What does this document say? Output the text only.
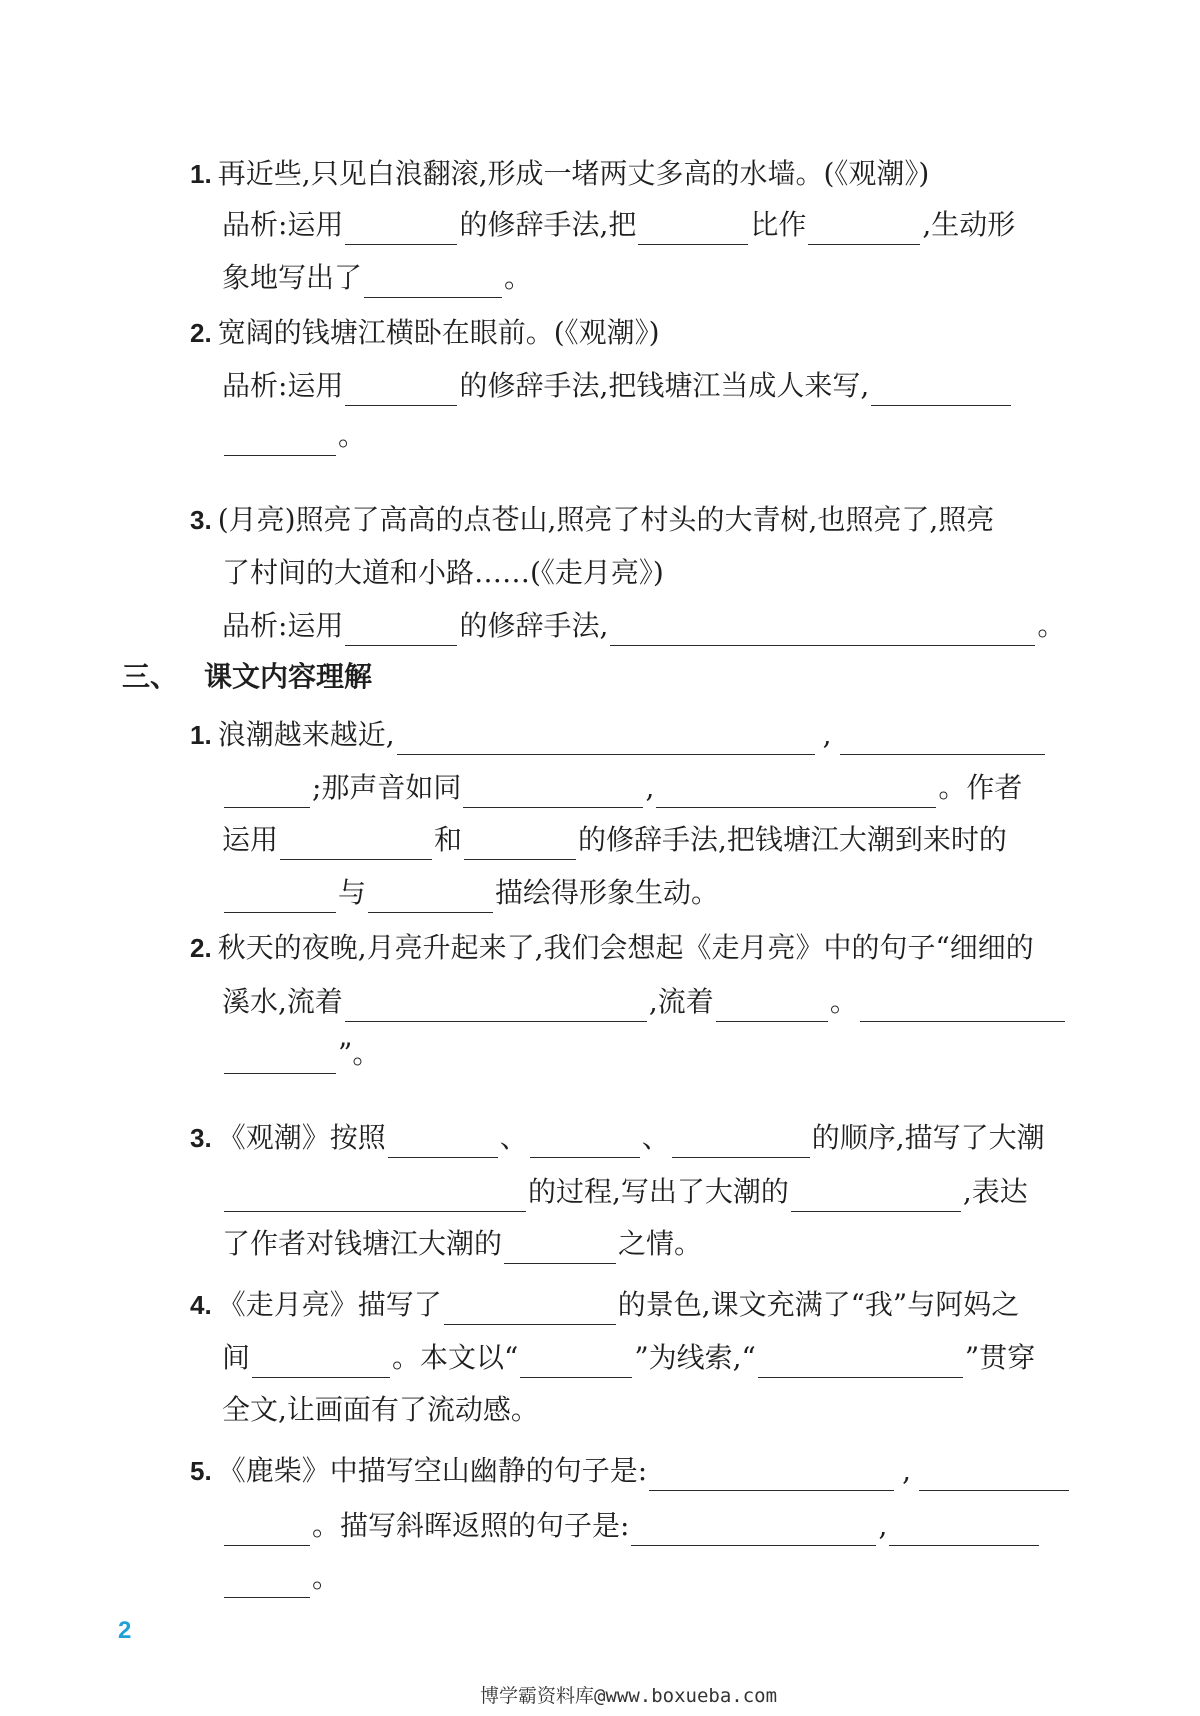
1. 再近些,只见白浪翻滚,形成一堵两丈多高的水墙。(《观潮》)
品析:运用	的修辞手法,把	比作	,生动形
象地写出了	。
2. 宽阔的钱塘江横卧在眼前。(《观潮》)
品析:运用	的修辞手法,把钱塘江当成人来写,
。
3. (月亮)照亮了高高的点苍山,照亮了村头的大青树,也照亮了,照亮
了村间的大道和小路……(《走月亮》)
品析:运用	的修辞手法,	。
三、 课文内容理解
1. 浪潮越来越近,	,
;那声音如同	,	。作者
运用	和	的修辞手法,把钱塘江大潮到来时的
与	描绘得形象生动。
2. 秋天的夜晚,月亮升起来了,我们会想起《走月亮》中的句子“细细的
溪水,流着	,流着	。
”。
3. 《观潮》按照	、	、	的顺序,描写了大潮
的过程,写出了大潮的	,表达
了作者对钱塘江大潮的	之情。
4. 《走月亮》描写了	的景色,课文充满了“我”与阿妈之
间	。本文以“	”为线索,“	”贯穿
全文,让画面有了流动感。
5. 《鹿柴》中描写空山幽静的句子是:	,
。描写斜晖返照的句子是:	,
。
2
博学霸资料库@www.boxueba.com
